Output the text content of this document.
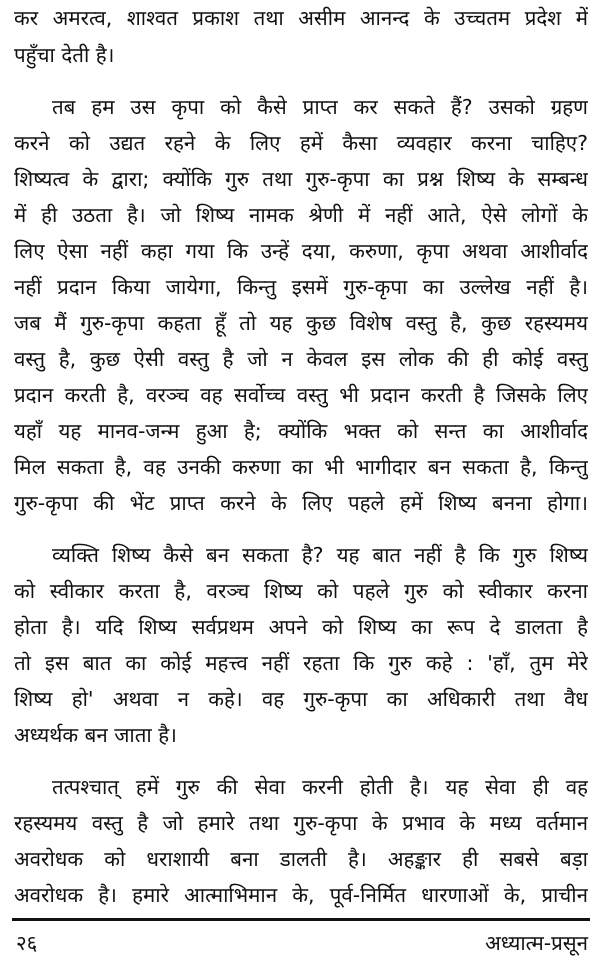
कर अमरत्व, शाश्वत प्रकाश तथा असीम आनन्द के उच्चतम प्रदेश में
पहुँचा देती है।
तब हम उस कृपा को कैसे प्राप्त कर सकते हैं? उसको ग्रहण
करने को उद्यत रहने के लिए हमें कैसा व्यवहार करना चाहिए?
शिष्यत्व के द्वारा; क्योंकि गुरु तथा गुरु-कृपा का प्रश्न शिष्य के सम्बन्ध
में ही उठता है। जो शिष्य नामक श्रेणी में नहीं आते, ऐसे लोगों के
लिए ऐसा नहीं कहा गया कि उन्हें दया, करुणा, कृपा अथवा आशीर्वाद
नहीं प्रदान किया जायेगा, किन्तु इसमें गुरु-कृपा का उल्लेख नहीं है।
जब मैं गुरु-कृपा कहता हूँ तो यह कुछ विशेष वस्तु है, कुछ रहस्यमय
वस्तु है, कुछ ऐसी वस्तु है जो न केवल इस लोक की ही कोई वस्तु
प्रदान करती है, वरञ्च वह सर्वोच्च वस्तु भी प्रदान करती है जिसके लिए
यहाँ यह मानव-जन्म हुआ है; क्योंकि भक्त को सन्त का आशीर्वाद
मिल सकता है, वह उनकी करुणा का भी भागीदार बन सकता है, किन्तु
गुरु-कृपा की भेंट प्राप्त करने के लिए पहले हमें शिष्य बनना होगा।
व्यक्ति शिष्य कैसे बन सकता है? यह बात नहीं है कि गुरु शिष्य
को स्वीकार करता है, वरञ्च शिष्य को पहले गुरु को स्वीकार करना
होता है। यदि शिष्य सर्वप्रथम अपने को शिष्य का रूप दे डालता है
तो इस बात का कोई महत्त्व नहीं रहता कि गुरु कहे : 'हाँ, तुम मेरे
शिष्य हो' अथवा न कहे। वह गुरु-कृपा का अधिकारी तथा वैध
अध्यर्थक बन जाता है।
तत्पश्चात् हमें गुरु की सेवा करनी होती है। यह सेवा ही वह
रहस्यमय वस्तु है जो हमारे तथा गुरु-कृपा के प्रभाव के मध्य वर्तमान
अवरोधक को धराशायी बना डालती है। अहङ्कार ही सबसे बड़ा
अवरोधक है। हमारे आत्माभिमान के, पूर्व-निर्मित धारणाओं के, प्राचीन
२६	अध्यात्म-प्रसून
